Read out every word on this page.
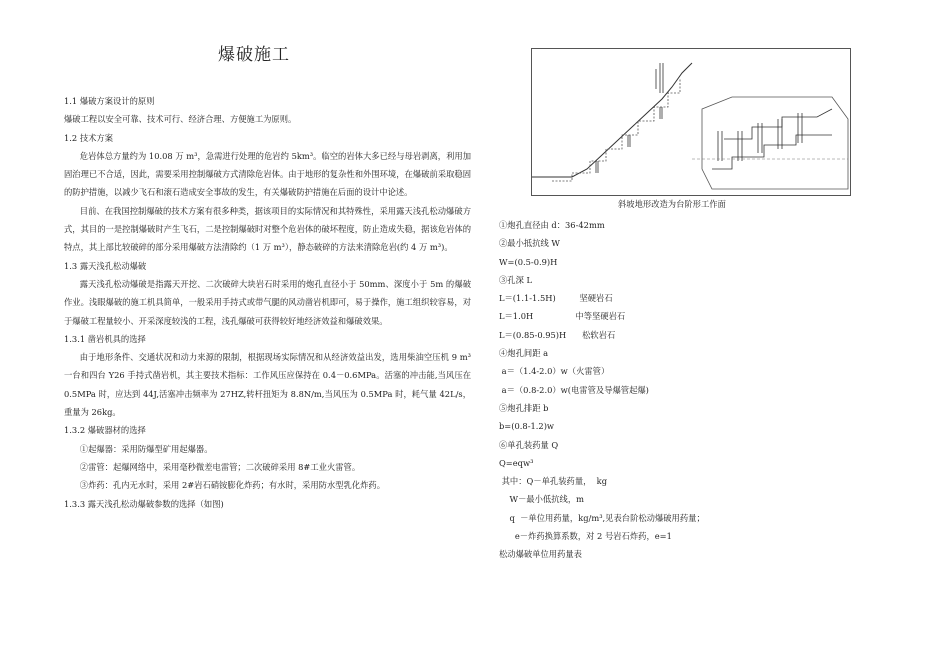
爆破施工

1.1 爆破方案设计的原则

爆破工程以安全可靠、技术可行、经济合理、方便施工为原则。

1.2 技术方案

危岩体总方量约为 10.08 万 m³，急需进行处理的危岩约 5km³。临空的岩体大多已经与母岩剥离，利用加固治理已不合适，因此，需要采用控制爆破方式清除危岩体。由于地形的复杂性和外围环境，在爆破前采取稳固的防护措施，以减少飞石和滚石造成安全事故的发生，有关爆破防护措施在后面的设计中论述。

目前、在我国控制爆破的技术方案有很多种类，据该项目的实际情况和其特殊性，采用露天浅孔松动爆破方式，其目的一是控制爆破时产生飞石，二是控制爆破时对整个危岩体的破坏程度，防止造成失稳，据该危岩体的特点，其上部比较破碎的部分采用爆破方法清除约（1 万 m³），静态破碎的方法来清除危岩(约 4 万 m³)。

1.3 露天浅孔松动爆破

露天浅孔松动爆破是指露天开挖、二次破碎大块岩石时采用的炮孔直径小于 50mm、深度小于 5m 的爆破作业。浅眼爆破的施工机具简单，一般采用手持式或带气腿的风动凿岩机即可，易于操作，施工组织较容易，对于爆破工程量较小、开采深度较浅的工程，浅孔爆破可获得较好地经济效益和爆破效果。

1.3.1 凿岩机具的选择

由于地形条件、交通状况和动力来源的限制，根据现场实际情况和从经济效益出发，选用柴油空压机 9 m³一台和四台 Y26 手持式凿岩机，其主要技术指标：工作风压应保持在 0.4－0.6MPa。活塞的冲击能,当风压在 0.5MPa 时，应达到 44J,活塞冲击频率为 27HZ,转杆扭矩为 8.8N/m,当风压为 0.5MPa 时，耗气量 42L/s，重量为 26kg。

1.3.2 爆破器材的选择

①起爆器：采用防爆型矿用起爆器。

②雷管：起爆网络中，采用毫秒微差电雷管；二次破碎采用 8#工业火雷管。

③炸药：孔内无水时，采用 2#岩石硝铵膨化炸药；有水时，采用防水型乳化炸药。

1.3.3 露天浅孔松动爆破参数的选择（如图)

斜坡地形改造为台阶形工作面

①炮孔直径由 d：36-42mm

②最小抵抗线 W

W=(0.5-0.9)H

③孔深 L

L＝(1.1-1.5H)         坚硬岩石

L＝1.0H                中等坚硬岩石

L＝(0.85-0.95)H      松软岩石

④炮孔间距 a

a＝（1.4-2.0）w（火雷管）

a＝（0.8-2.0）w(电雷管及导爆管起爆)

⑤炮孔排距 b

b=(0.8-1.2)w

⑥单孔装药量 Q

Q=eqw³

其中：Q－单孔装药量，  kg

W－最小低抗线，m

q  －单位用药量，kg/m³,见表台阶松动爆破用药量；

e－炸药换算系数，对 2 号岩石炸药，e=1

松动爆破单位用药量表
